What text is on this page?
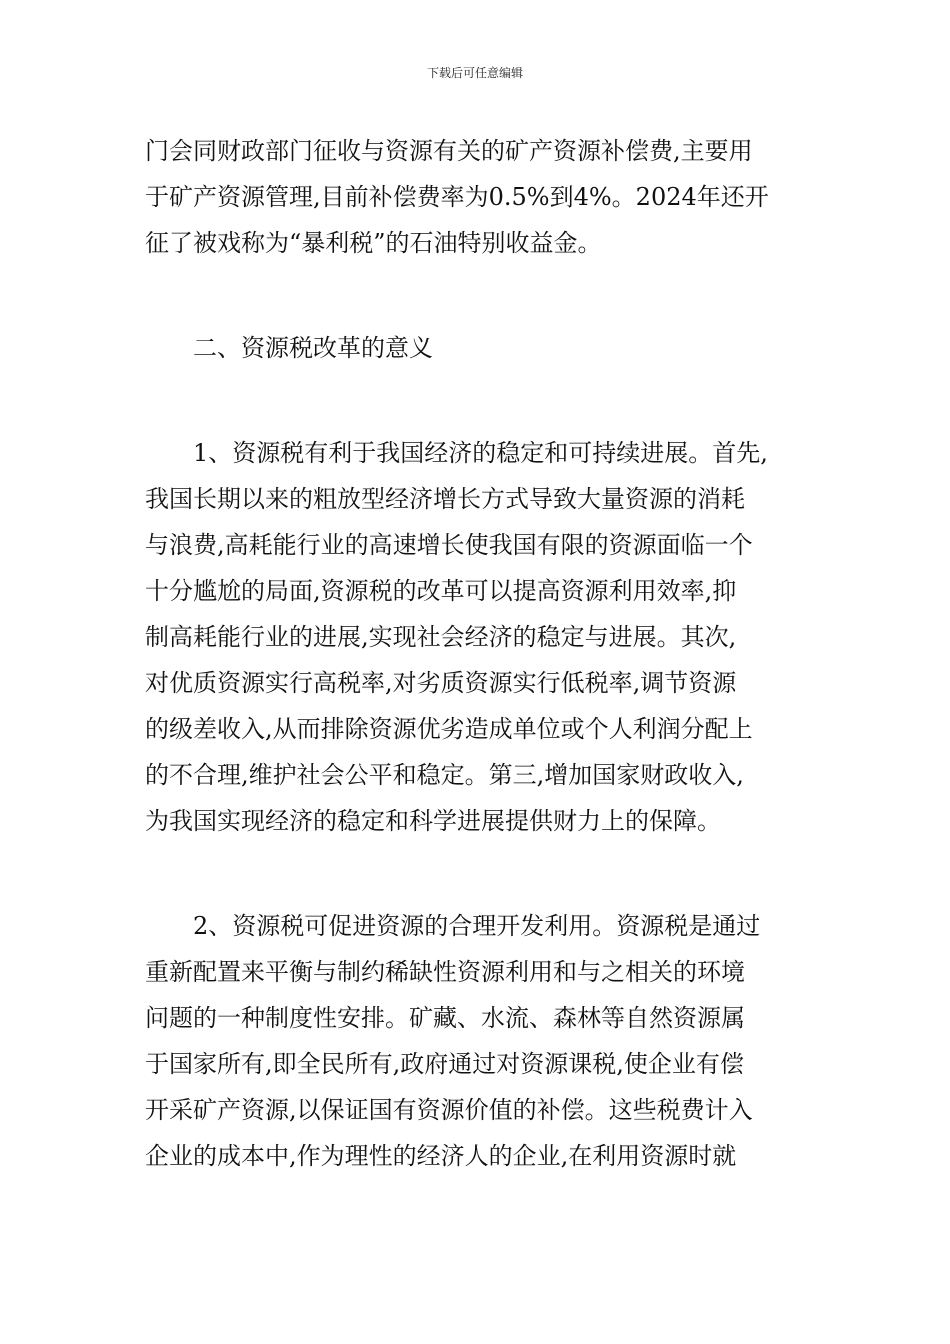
下载后可任意编辑
门会同财政部门征收与资源有关的矿产资源补偿费,主要用
于矿产资源管理,目前补偿费率为0.5%到4%。2024年还开
征了被戏称为“暴利税”的石油特别收益金。
　　二、资源税改革的意义
　　1、资源税有利于我国经济的稳定和可持续进展。首先,
我国长期以来的粗放型经济增长方式导致大量资源的消耗
与浪费,高耗能行业的高速增长使我国有限的资源面临一个
十分尴尬的局面,资源税的改革可以提高资源利用效率,抑
制高耗能行业的进展,实现社会经济的稳定与进展。其次,
对优质资源实行高税率,对劣质资源实行低税率,调节资源
的级差收入,从而排除资源优劣造成单位或个人利润分配上
的不合理,维护社会公平和稳定。第三,增加国家财政收入,
为我国实现经济的稳定和科学进展提供财力上的保障。
　　2、资源税可促进资源的合理开发利用。资源税是通过
重新配置来平衡与制约稀缺性资源利用和与之相关的环境
问题的一种制度性安排。矿藏、水流、森林等自然资源属
于国家所有,即全民所有,政府通过对资源课税,使企业有偿
开采矿产资源,以保证国有资源价值的补偿。这些税费计入
企业的成本中,作为理性的经济人的企业,在利用资源时就
